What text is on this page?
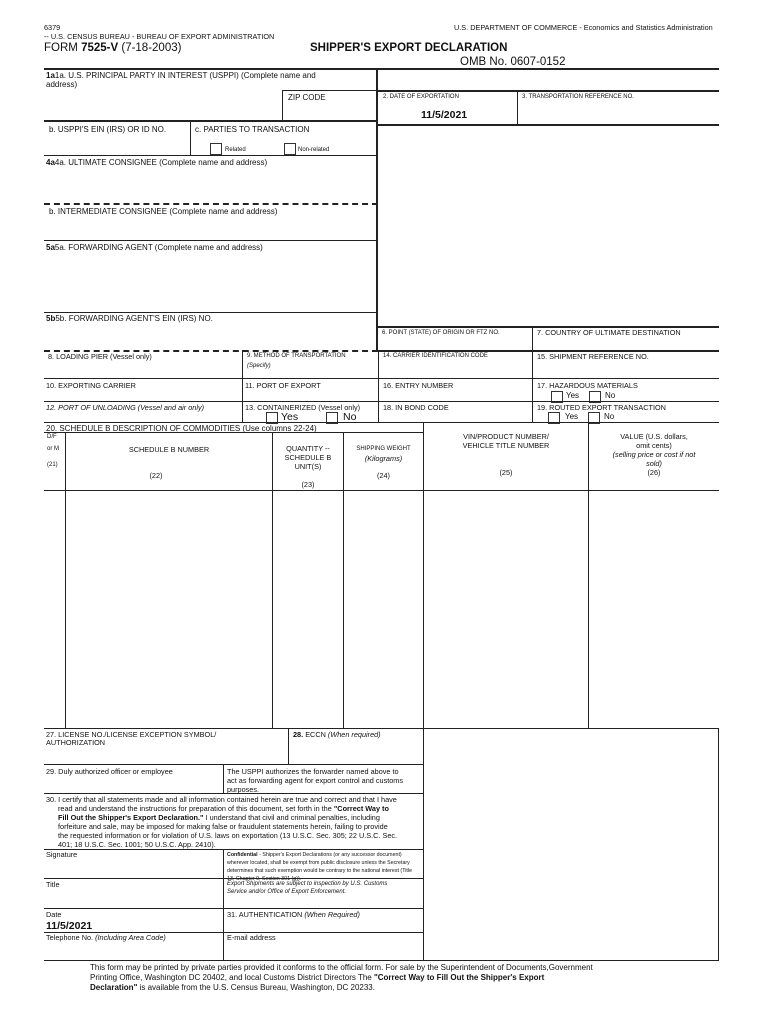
6379
-- U.S. CENSUS BUREAU - BUREAU OF EXPORT ADMINISTRATION
U.S. DEPARTMENT OF COMMERCE - Economics and Statistics Administration
FORM 7525-V (7-18-2003)	SHIPPER'S EXPORT DECLARATION
OMB No. 0607-0152
1a1a. U.S. PRINCIPAL PARTY IN INTEREST (USPPI) (Complete name and address)
ZIP CODE	2. DATE OF EXPORTATION
11/5/2021
3. TRANSPORTATION REFERENCE NO.
b. USPPI'S EIN (IRS) OR ID NO.	c. PARTIES TO TRANSACTION
Related	Non-related
4a4a. ULTIMATE CONSIGNEE (Complete name and address)
b. INTERMEDIATE CONSIGNEE (Complete name and address)
5a5a. FORWARDING AGENT (Complete name and address)
5b5b. FORWARDING AGENT'S EIN (IRS) NO.
6. POINT (STATE) OF ORIGIN OR FTZ NO.	7. COUNTRY OF ULTIMATE DESTINATION
8. LOADING PIER (Vessel only)	9. METHOD OF TRANSPORTATION
(Specify)
14. CARRIER IDENTIFICATION CODE	15. SHIPMENT REFERENCE NO.
10. EXPORTING CARRIER	11. PORT OF EXPORT	16. ENTRY NUMBER	17. HAZARDOUS MATERIALS
Yes	No
12. PORT OF UNLOADING (Vessel and air only)	13. CONTAINERIZED (Vessel only)
Yes	No
18. IN BOND CODE	19. ROUTED EXPORT TRANSACTION
Yes	No
20. SCHEDULE B DESCRIPTION OF COMMODITIES (Use columns 22-24)
D/F
or M
(21)
SCHEDULE B NUMBER
(22)
QUANTITY --
SCHEDULE B
UNIT(S)
(23)
SHIPPING WEIGHT
(Kilograms)
(24)
VIN/PRODUCT NUMBER/
VEHICLE TITLE NUMBER
(25)
VALUE (U.S. dollars,
omit cents)
(selling price or cost if not
sold)
(26)
27. LICENSE NO./LICENSE EXCEPTION SYMBOL/ AUTHORIZATION
28. ECCN (When required)
29. Duly authorized officer or employee	The USPPI authorizes the forwarder named above to act as forwarding agent for export control and customs purposes.
30. I certify that all statements made and all information contained herein are true and correct and that I have
read and understand the instructions for preparation of this document, set forth in the "Correct Way to
Fill Out the Shipper's Export Declaration." I understand that civil and criminal penalties, including
forfeiture and sale, may be imposed for making false or fraudulent statements herein, failing to provide
the requested information or for violation of U.S. laws on exportation (13 U.S.C. Sec. 305; 22 U.S.C. Sec.
401; 18 U.S.C. Sec. 1001; 50 U.S.C. App. 2410).
Signature	Confidential - Shipper's Export Declarations (or any successor document)
wherever located, shall be exempt from public disclosure unless the Secretary
determines that such exemption would be contrary to the national interest (Title
13, Chapter 9, Section 301 (g)).
Title	Export Shipments are subject to inspection by U.S. Customs
Service and/or Office of Export Enforcement.
Date
11/5/2021
31. AUTHENTICATION (When Required)
Telephone No. (Including Area Code)	E-mail address
This form may be printed by private parties provided it conforms to the official form. For sale by the Superintendent of Documents,Government
Printing Office, Washington DC 20402, and local Customs District Directors The "Correct Way to Fill Out the Shipper's Export
Declaration" is available from the U.S. Census Bureau, Washington, DC 20233.
